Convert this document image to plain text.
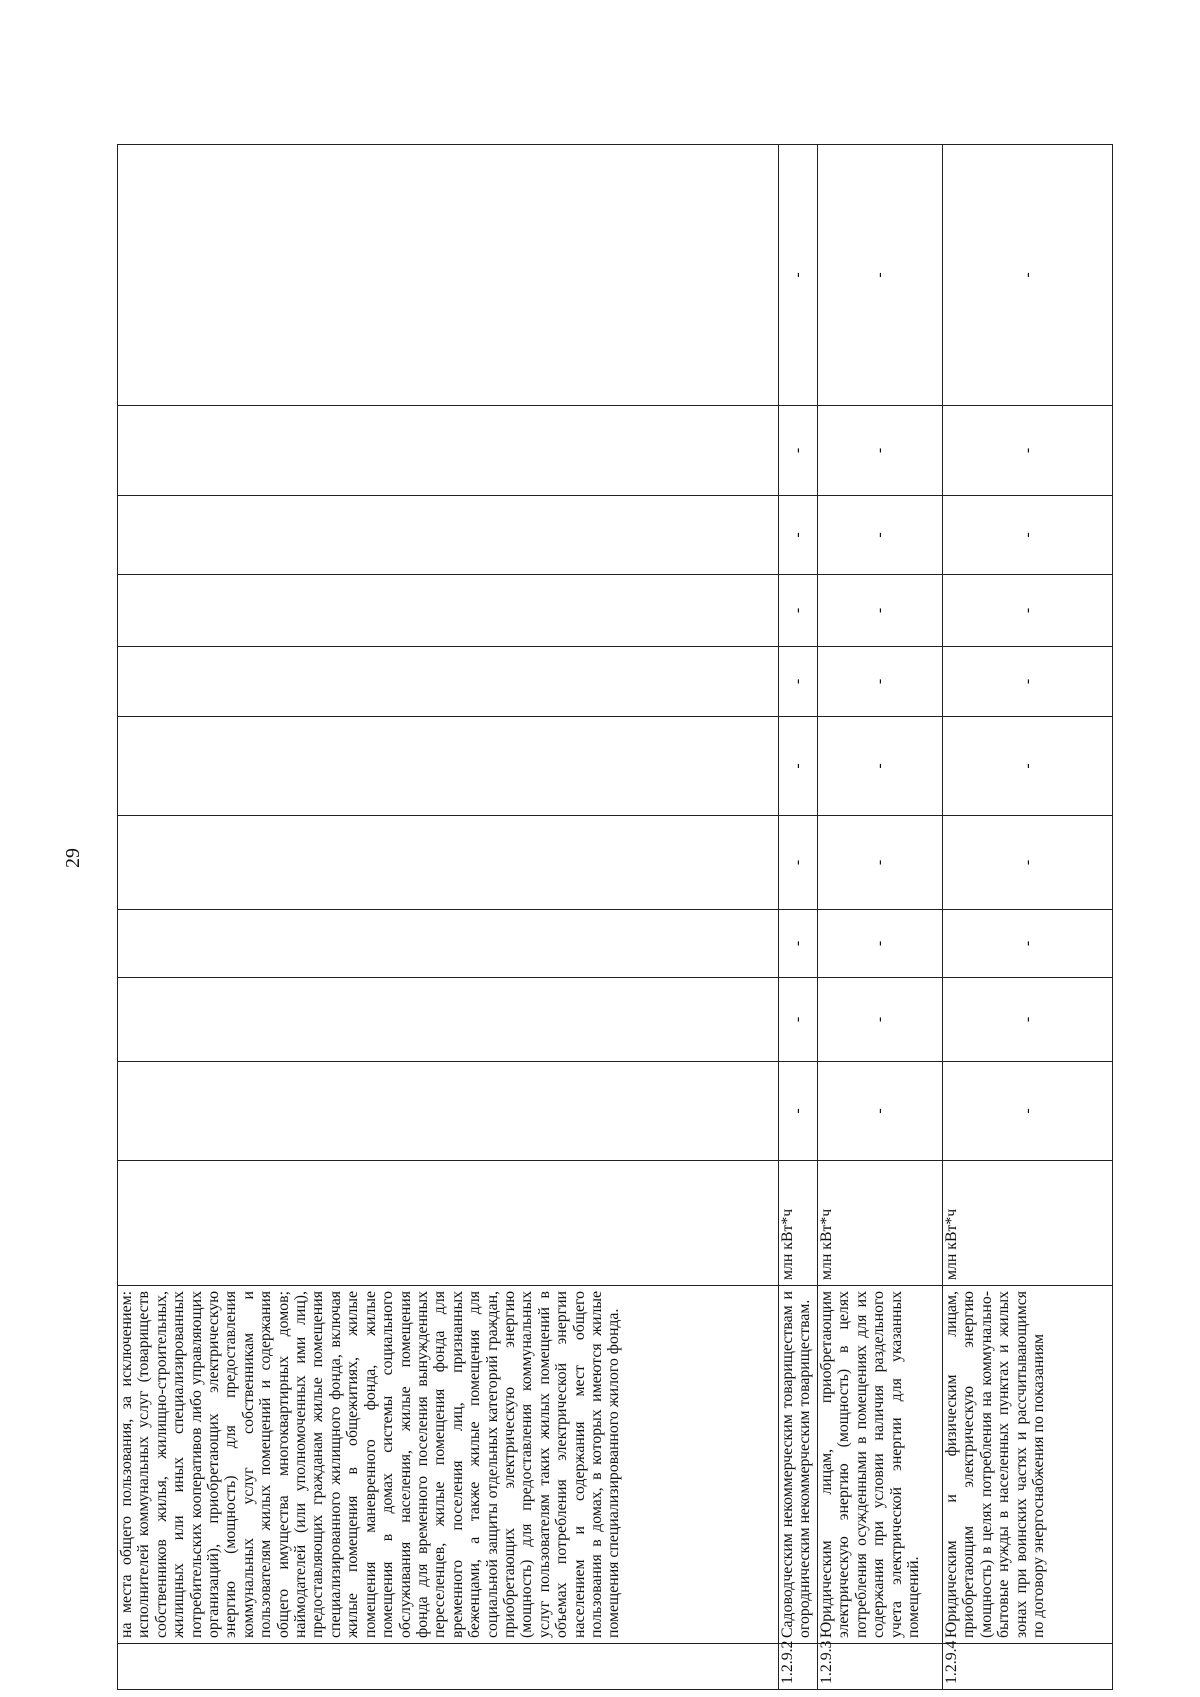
29
	на места общего пользования, за исключением: исполнителей коммунальных услуг (товариществ собственников жилья, жилищно-строительных, жилищных или иных специализированных потребительских кооперативов либо управляющих организаций), приобретающих электрическую энергию (мощность) для предоставления коммунальных услуг собственникам и пользователям жилых помещений и содержания общего имущества многоквартирных домов; наймодателей (или уполномоченных ими лиц), предоставляющих гражданам жилые помещения специализированного жилищного фонда, включая жилые помещения в общежитиях, жилые помещения маневренного фонда, жилые помещения в домах системы социального обслуживания населения, жилые помещения фонда для временного поселения вынужденных переселенцев, жилые помещения фонда для временного поселения лиц, признанных беженцами, а также жилые помещения для социальной защиты отдельных категорий граждан, приобретающих электрическую энергию (мощность) для предоставления коммунальных услуг пользователям таких жилых помещений в объемах потребления электрической энергии населением и содержания мест общего пользования в домах, в которых имеются жилые помещения специализированного жилого фонда.											
1.2.9.2	Садоводческим некоммерческим товариществам и огородническим некоммерческим товариществам.	млн кВт*ч	-	-	-	-	-	-	-	-	-	-
1.2.9.3	Юридическим лицам, приобретающим электрическую энергию (мощность) в целях потребления осужденными в помещениях для их содержания при условии наличия раздельного учета электрической энергии для указанных помещений.	млн кВт*ч	-	-	-	-	-	-	-	-	-	-
1.2.9.4	Юридическим и физическим лицам, приобретающим электрическую энергию (мощность) в целях потребления на коммунально-бытовые нужды в населенных пунктах и жилых зонах при воинских частях и рассчитывающимся по договору энергоснабжения по показаниям	млн кВт*ч	-	-	-	-	-	-	-	-	-	-
